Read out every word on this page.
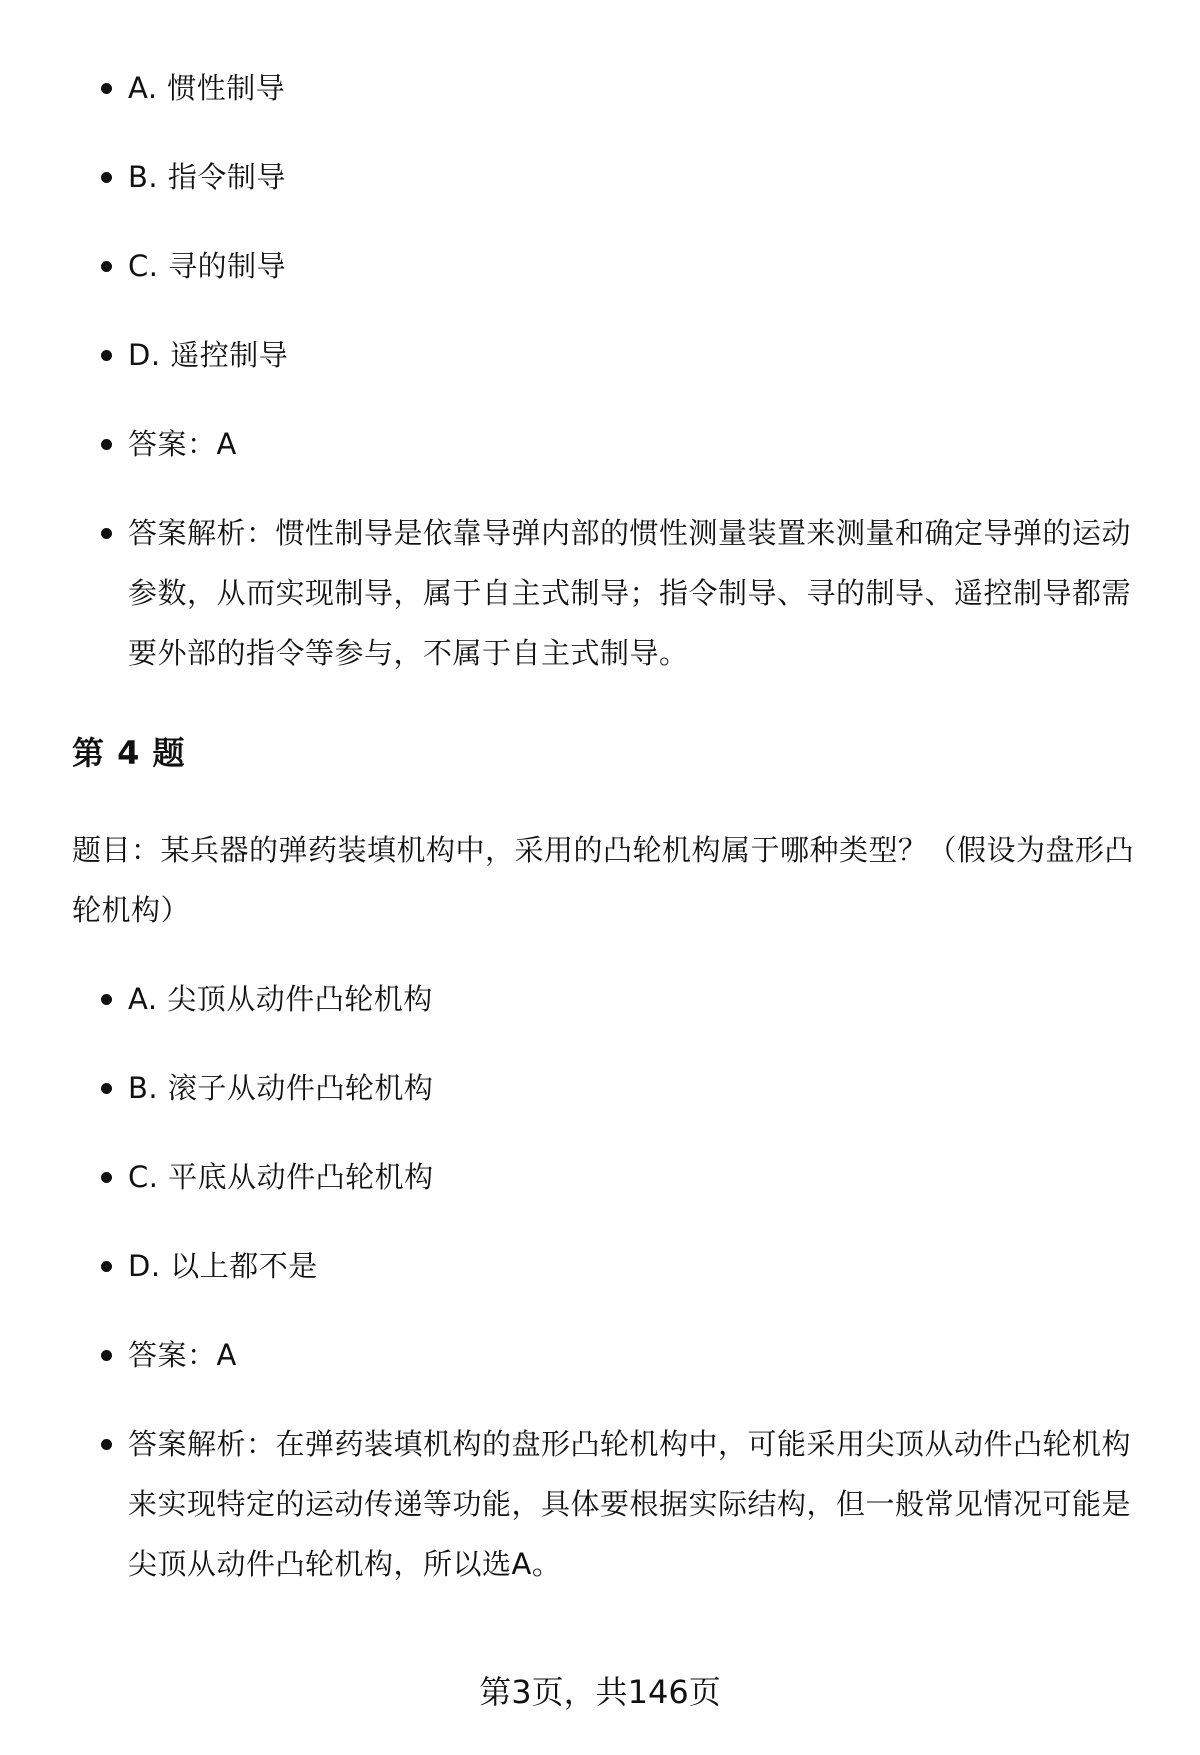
A. 惯性制导
B. 指令制导
C. 寻的制导
D. 遥控制导
答案：A
答案解析：惯性制导是依靠导弹内部的惯性测量装置来测量和确定导弹的运动参数，从而实现制导，属于自主式制导；指令制导、寻的制导、遥控制导都需要外部的指令等参与，不属于自主式制导。
第 4 题
题目：某兵器的弹药装填机构中，采用的凸轮机构属于哪种类型？（假设为盘形凸轮机构）
A. 尖顶从动件凸轮机构
B. 滚子从动件凸轮机构
C. 平底从动件凸轮机构
D. 以上都不是
答案：A
答案解析：在弹药装填机构的盘形凸轮机构中，可能采用尖顶从动件凸轮机构来实现特定的运动传递等功能，具体要根据实际结构，但一般常见情况可能是尖顶从动件凸轮机构，所以选A。
第3页，共146页
